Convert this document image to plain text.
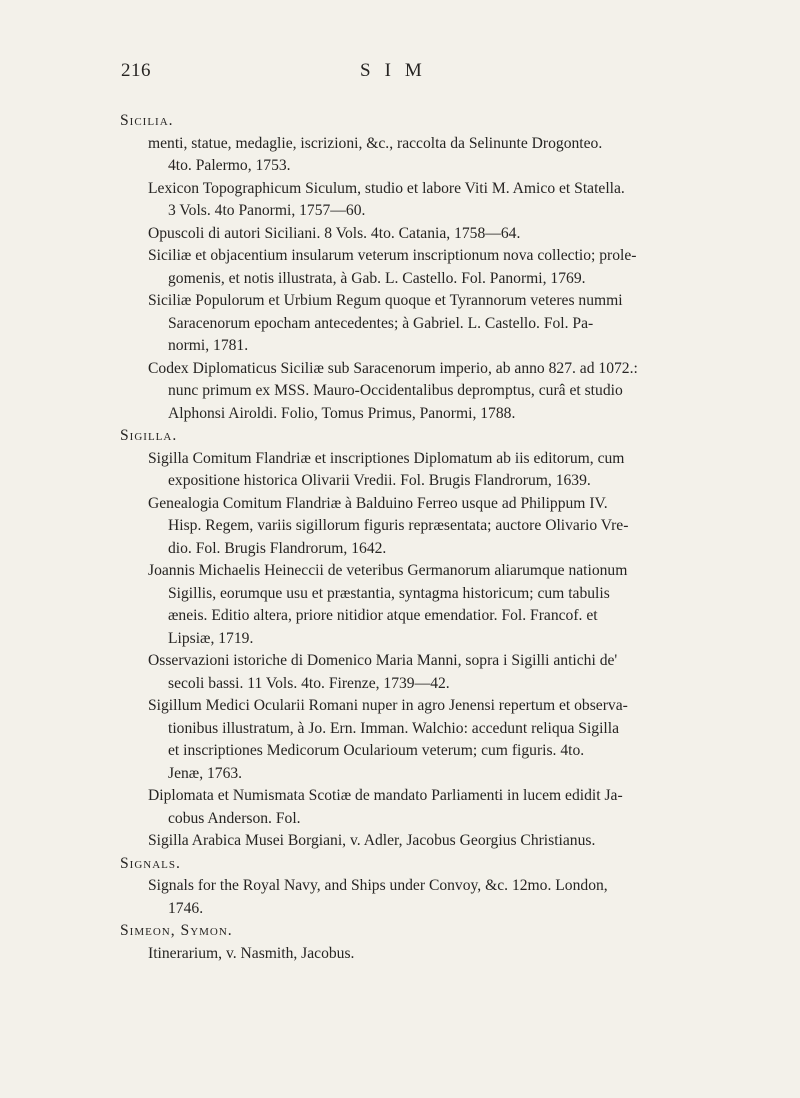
216	SIM
Sicilia.
menti, statue, medaglie, iscrizioni, &c., raccolta da Selinunte Drogonteo.
4to. Palermo, 1753.
Lexicon Topographicum Siculum, studio et labore Viti M. Amico et Statella.
3 Vols. 4to Panormi, 1757—60.
Opuscoli di autori Siciliani. 8 Vols. 4to. Catania, 1758—64.
Siciliæ et objacentium insularum veterum inscriptionum nova collectio; prole-
gomenis, et notis illustrata, à Gab. L. Castello. Fol. Panormi, 1769.
Siciliæ Populorum et Urbium Regum quoque et Tyrannorum veteres nummi
Saracenorum epocham antecedentes; à Gabriel. L. Castello. Fol. Pa-
normi, 1781.
Codex Diplomaticus Siciliæ sub Saracenorum imperio, ab anno 827. ad 1072.:
nunc primum ex MSS. Mauro-Occidentalibus depromptus, curâ et studio
Alphonsi Airoldi. Folio, Tomus Primus, Panormi, 1788.
Sigilla.
Sigilla Comitum Flandriæ et inscriptiones Diplomatum ab iis editorum, cum
expositione historica Olivarii Vredii. Fol. Brugis Flandrorum, 1639.
Genealogia Comitum Flandriæ à Balduino Ferreo usque ad Philippum IV.
Hisp. Regem, variis sigillorum figuris repræsentata; auctore Olivario Vre-
dio. Fol. Brugis Flandrorum, 1642.
Joannis Michaelis Heineccii de veteribus Germanorum aliarumque nationum
Sigillis, eorumque usu et præstantia, syntagma historicum; cum tabulis
æneis. Editio altera, priore nitidior atque emendatior. Fol. Francof. et
Lipsiæ, 1719.
Osservazioni istoriche di Domenico Maria Manni, sopra i Sigilli antichi de'
secoli bassi. 11 Vols. 4to. Firenze, 1739—42.
Sigillum Medici Ocularii Romani nuper in agro Jenensi repertum et observa-
tionibus illustratum, à Jo. Ern. Imman. Walchio: accedunt reliqua Sigilla
et inscriptiones Medicorum Ocularioum veterum; cum figuris. 4to.
Jenæ, 1763.
Diplomata et Numismata Scotiæ de mandato Parliamenti in lucem edidit Ja-
cobus Anderson. Fol.
Sigilla Arabica Musei Borgiani, v. Adler, Jacobus Georgius Christianus.
Signals.
Signals for the Royal Navy, and Ships under Convoy, &c. 12mo. London,
1746.
Simeon, Symon.
Itinerarium, v. Nasmith, Jacobus.
